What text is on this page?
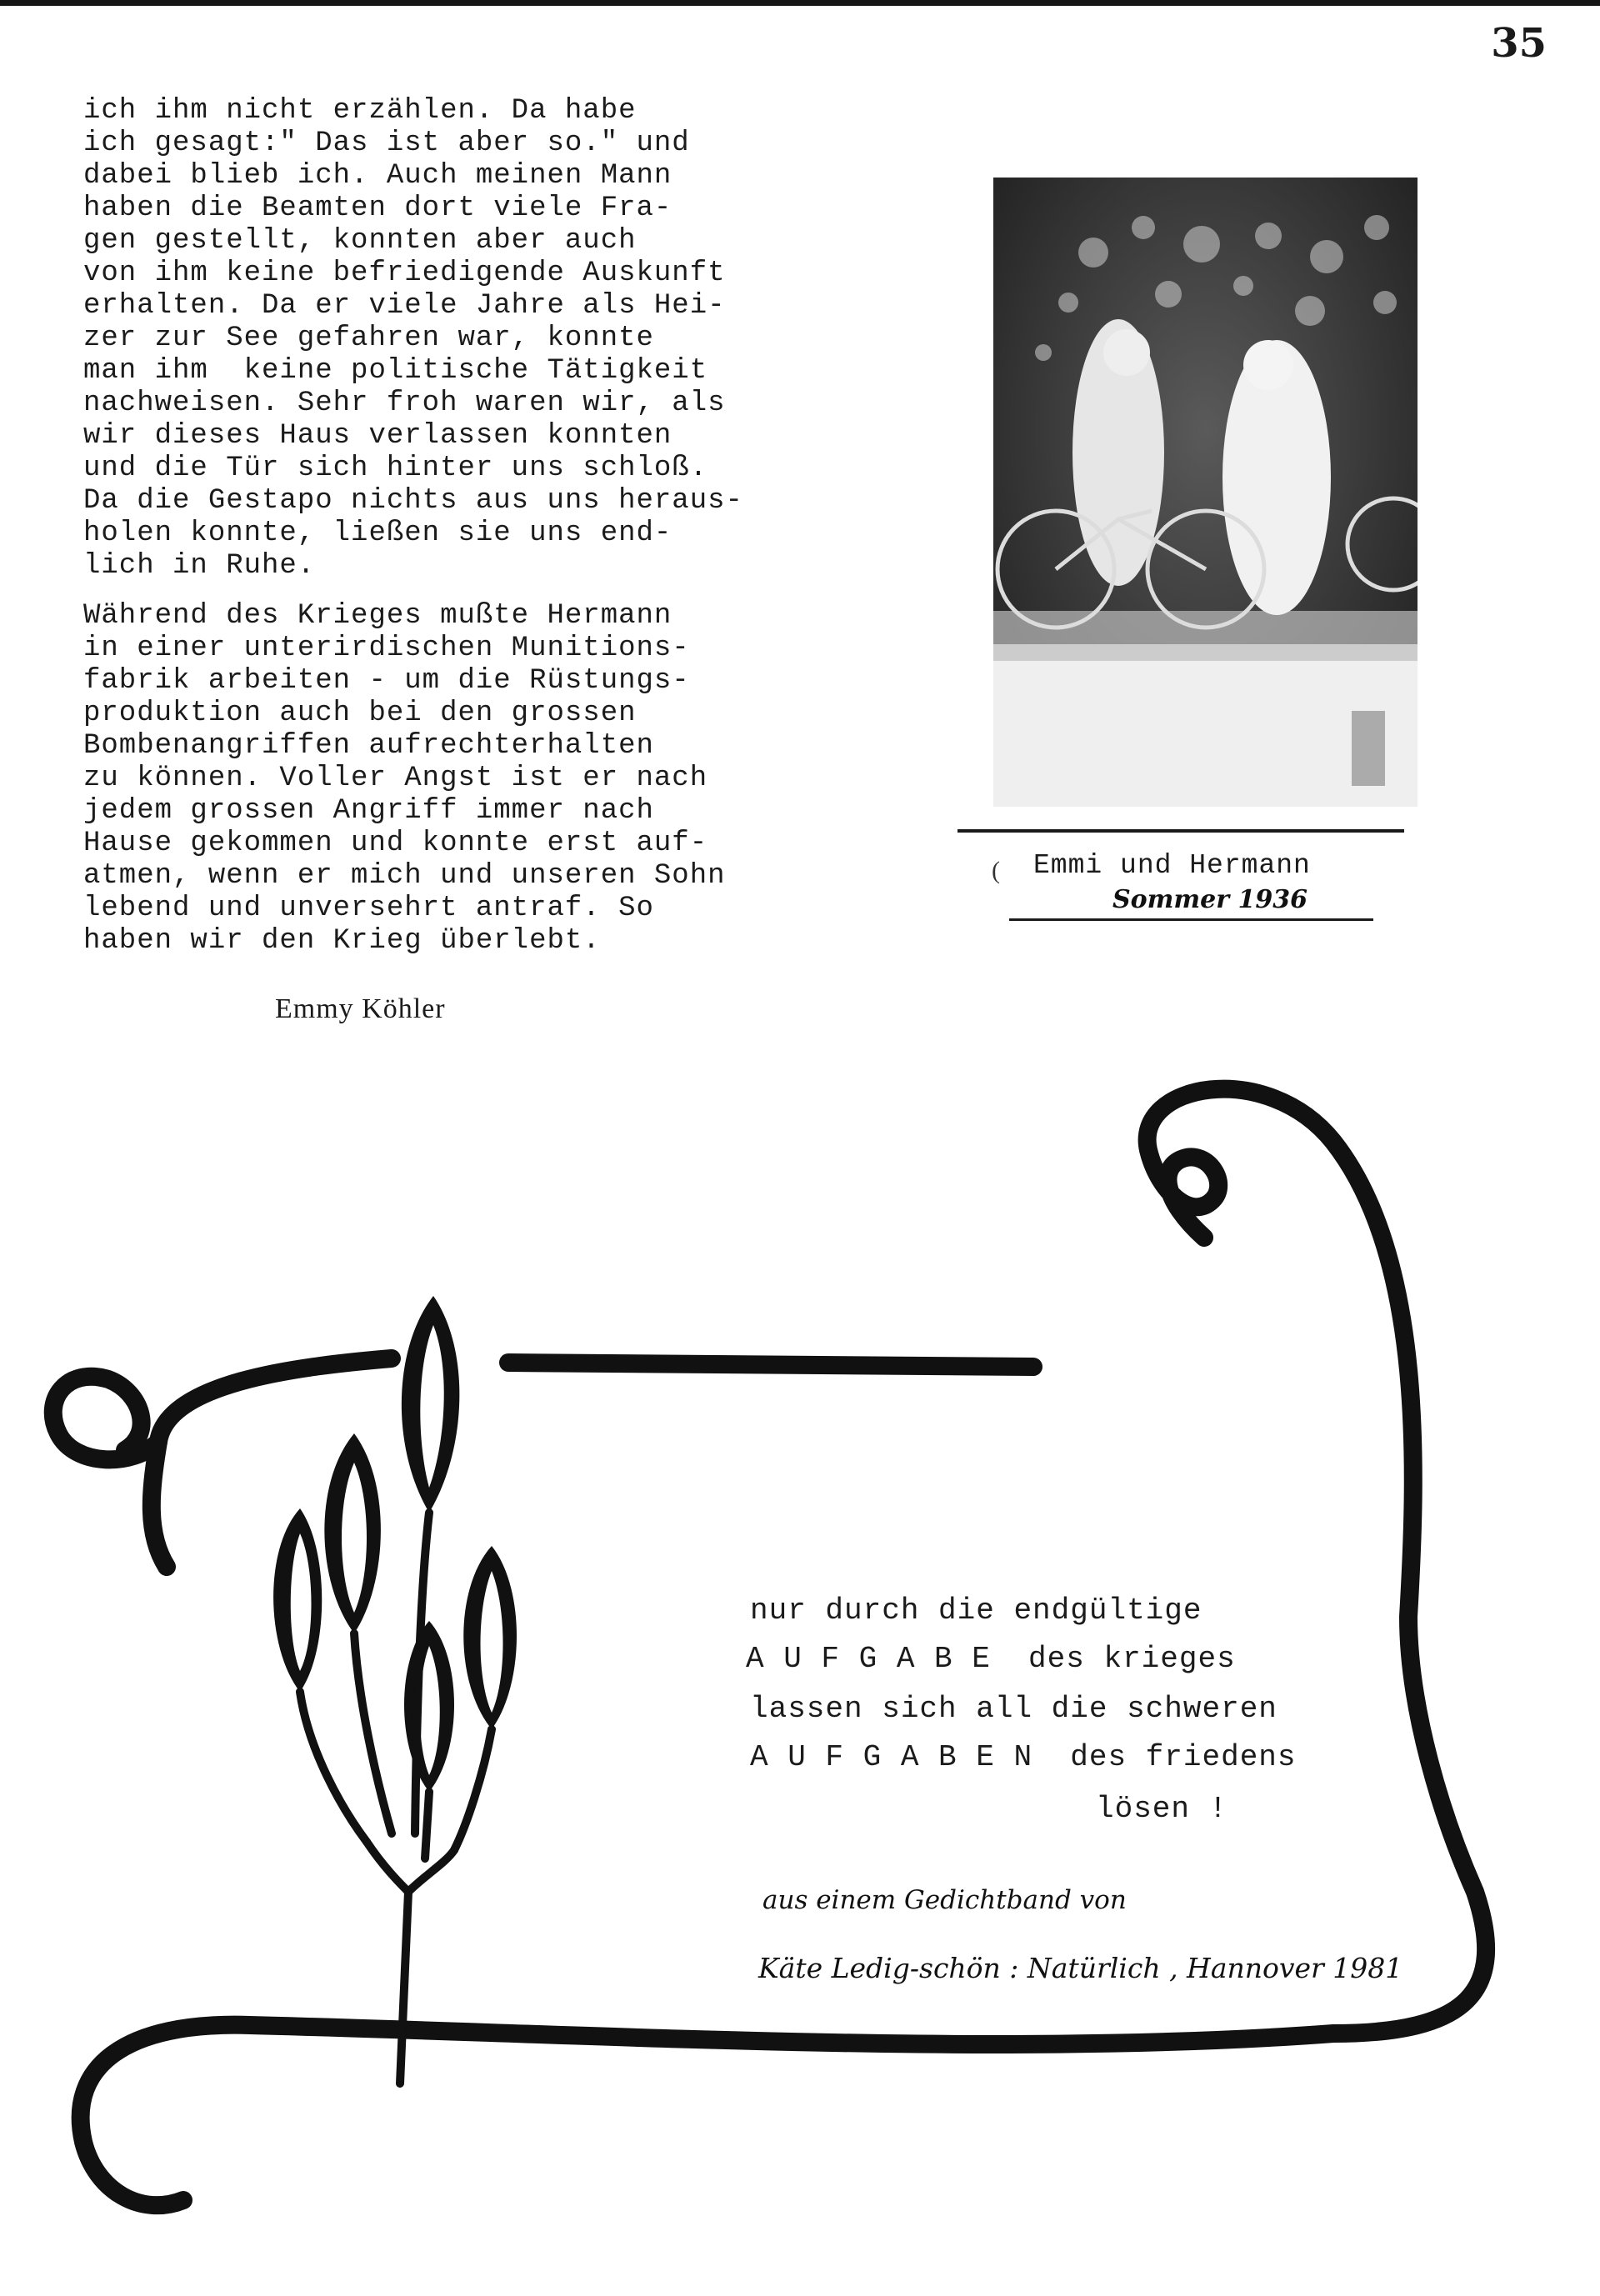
35
ich ihm nicht erzählen. Da habe
ich gesagt:" Das ist aber so." und
dabei blieb ich. Auch meinen Mann
haben die Beamten dort viele Fra-
gen gestellt, konnten aber auch
von ihm keine befriedigende Auskunft
erhalten. Da er viele Jahre als Hei-
zer zur See gefahren war, konnte
man ihm  keine politische Tätigkeit
nachweisen. Sehr froh waren wir, als
wir dieses Haus verlassen konnten
und die Tür sich hinter uns schloß.
Da die Gestapo nichts aus uns heraus-
holen konnte, ließen sie uns end-
lich in Ruhe.
Während des Krieges mußte Hermann
in einer unterirdischen Munitions-
fabrik arbeiten - um die Rüstungs-
produktion auch bei den grossen
Bombenangriffen aufrechterhalten
zu können. Voller Angst ist er nach
jedem grossen Angriff immer nach
Hause gekommen und konnte erst auf-
atmen, wenn er mich und unseren Sohn
lebend und unversehrt antraf. So
haben wir den Krieg überlebt.
Emmy Köhler
( Emmi und Hermann
Sommer 1936
nur durch die endgültige
A U F G A B E  des krieges
lassen sich all die schweren
A U F G A B E N  des friedens
lösen !
aus einem Gedichtband von
Käte Ledig-schön : Natürlich , Hannover 1981
